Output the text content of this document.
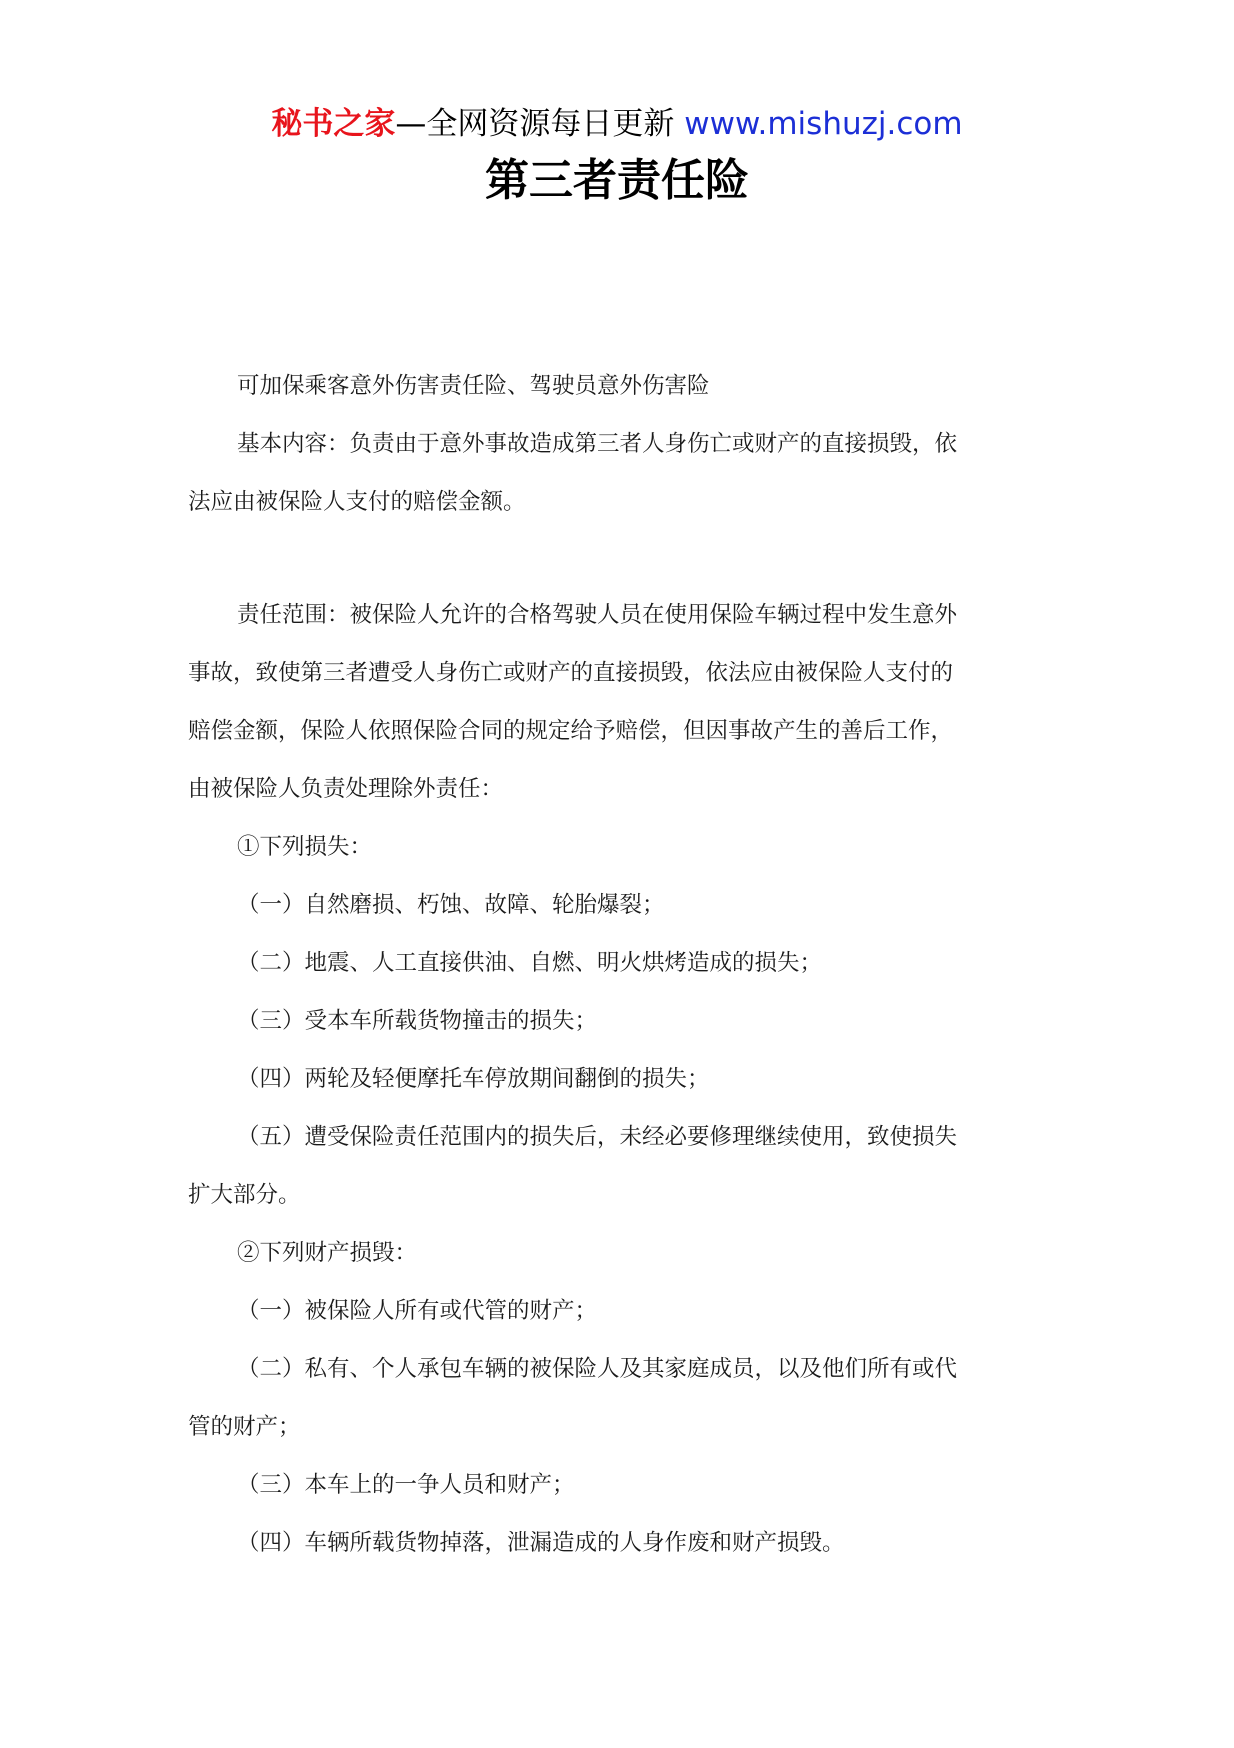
秘书之家—全网资源每日更新 www.mishuzj.com
第三者责任险

可加保乘客意外伤害责任险、驾驶员意外伤害险

基本内容：负责由于意外事故造成第三者人身伤亡或财产的直接损毁，依

法应由被保险人支付的赔偿金额。

责任范围：被保险人允许的合格驾驶人员在使用保险车辆过程中发生意外

事故，致使第三者遭受人身伤亡或财产的直接损毁，依法应由被保险人支付的

赔偿金额，保险人依照保险合同的规定给予赔偿，但因事故产生的善后工作，

由被保险人负责处理除外责任：

①下列损失：

（一）自然磨损、朽蚀、故障、轮胎爆裂；

（二）地震、人工直接供油、自燃、明火烘烤造成的损失；

（三）受本车所载货物撞击的损失；

（四）两轮及轻便摩托车停放期间翻倒的损失；

（五）遭受保险责任范围内的损失后，未经必要修理继续使用，致使损失

扩大部分。

②下列财产损毁：

（一）被保险人所有或代管的财产；

（二）私有、个人承包车辆的被保险人及其家庭成员，以及他们所有或代

管的财产；

（三）本车上的一争人员和财产；

（四）车辆所载货物掉落，泄漏造成的人身作废和财产损毁。
